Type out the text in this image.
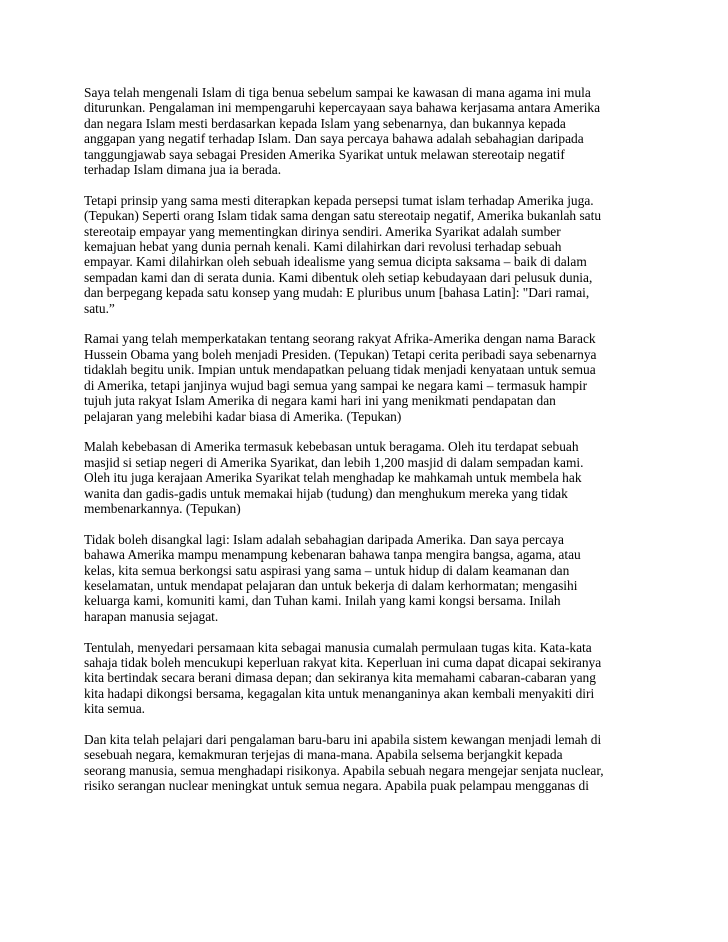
Saya telah mengenali Islam di tiga benua sebelum sampai ke kawasan di mana agama ini mula
diturunkan. Pengalaman ini mempengaruhi kepercayaan saya bahawa kerjasama antara Amerika
dan negara Islam mesti berdasarkan kepada Islam yang sebenarnya, dan bukannya kepada
anggapan yang negatif terhadap Islam. Dan saya percaya bahawa adalah sebahagian daripada
tanggungjawab saya sebagai Presiden Amerika Syarikat untuk melawan stereotaip negatif
terhadap Islam dimana jua ia berada.

Tetapi prinsip yang sama mesti diterapkan kepada persepsi tumat islam terhadap Amerika juga.
(Tepukan) Seperti orang Islam tidak sama dengan satu stereotaip negatif, Amerika bukanlah satu
stereotaip empayar yang mementingkan dirinya sendiri. Amerika Syarikat adalah sumber
kemajuan hebat yang dunia pernah kenali. Kami dilahirkan dari revolusi terhadap sebuah
empayar. Kami dilahirkan oleh sebuah idealisme yang semua dicipta saksama – baik di dalam
sempadan kami dan di serata dunia. Kami dibentuk oleh setiap kebudayaan dari pelusuk dunia,
dan berpegang kepada satu konsep yang mudah: E pluribus unum [bahasa Latin]: "Dari ramai,
satu.”

Ramai yang telah memperkatakan tentang seorang rakyat Afrika-Amerika dengan nama Barack
Hussein Obama yang boleh menjadi Presiden. (Tepukan) Tetapi cerita peribadi saya sebenarnya
tidaklah begitu unik. Impian untuk mendapatkan peluang tidak menjadi kenyataan untuk semua
di Amerika, tetapi janjinya wujud bagi semua yang sampai ke negara kami – termasuk hampir
tujuh juta rakyat Islam Amerika di negara kami hari ini yang menikmati pendapatan dan
pelajaran yang melebihi kadar biasa di Amerika. (Tepukan)

Malah kebebasan di Amerika termasuk kebebasan untuk beragama. Oleh itu terdapat sebuah
masjid si setiap negeri di Amerika Syarikat, dan lebih 1,200 masjid di dalam sempadan kami.
Oleh itu juga kerajaan Amerika Syarikat telah menghadap ke mahkamah untuk membela hak
wanita dan gadis-gadis untuk memakai hijab (tudung) dan menghukum mereka yang tidak
membenarkannya. (Tepukan)

Tidak boleh disangkal lagi: Islam adalah sebahagian daripada Amerika. Dan saya percaya
bahawa Amerika mampu menampung kebenaran bahawa tanpa mengira bangsa, agama, atau
kelas, kita semua berkongsi satu aspirasi yang sama – untuk hidup di dalam keamanan dan
keselamatan, untuk mendapat pelajaran dan untuk bekerja di dalam kerhormatan; mengasihi
keluarga kami, komuniti kami, dan Tuhan kami. Inilah yang kami kongsi bersama. Inilah
harapan manusia sejagat.

Tentulah, menyedari persamaan kita sebagai manusia cumalah permulaan tugas kita. Kata-kata
sahaja tidak boleh mencukupi keperluan rakyat kita. Keperluan ini cuma dapat dicapai sekiranya
kita bertindak secara berani dimasa depan; dan sekiranya kita memahami cabaran-cabaran yang
kita hadapi dikongsi bersama, kegagalan kita untuk menanganinya akan kembali menyakiti diri
kita semua.

Dan kita telah pelajari dari pengalaman baru-baru ini apabila sistem kewangan menjadi lemah di
sesebuah negara, kemakmuran terjejas di mana-mana. Apabila selsema berjangkit kepada
seorang manusia, semua menghadapi risikonya. Apabila sebuah negara mengejar senjata nuclear,
risiko serangan nuclear meningkat untuk semua negara. Apabila puak pelampau mengganas di
